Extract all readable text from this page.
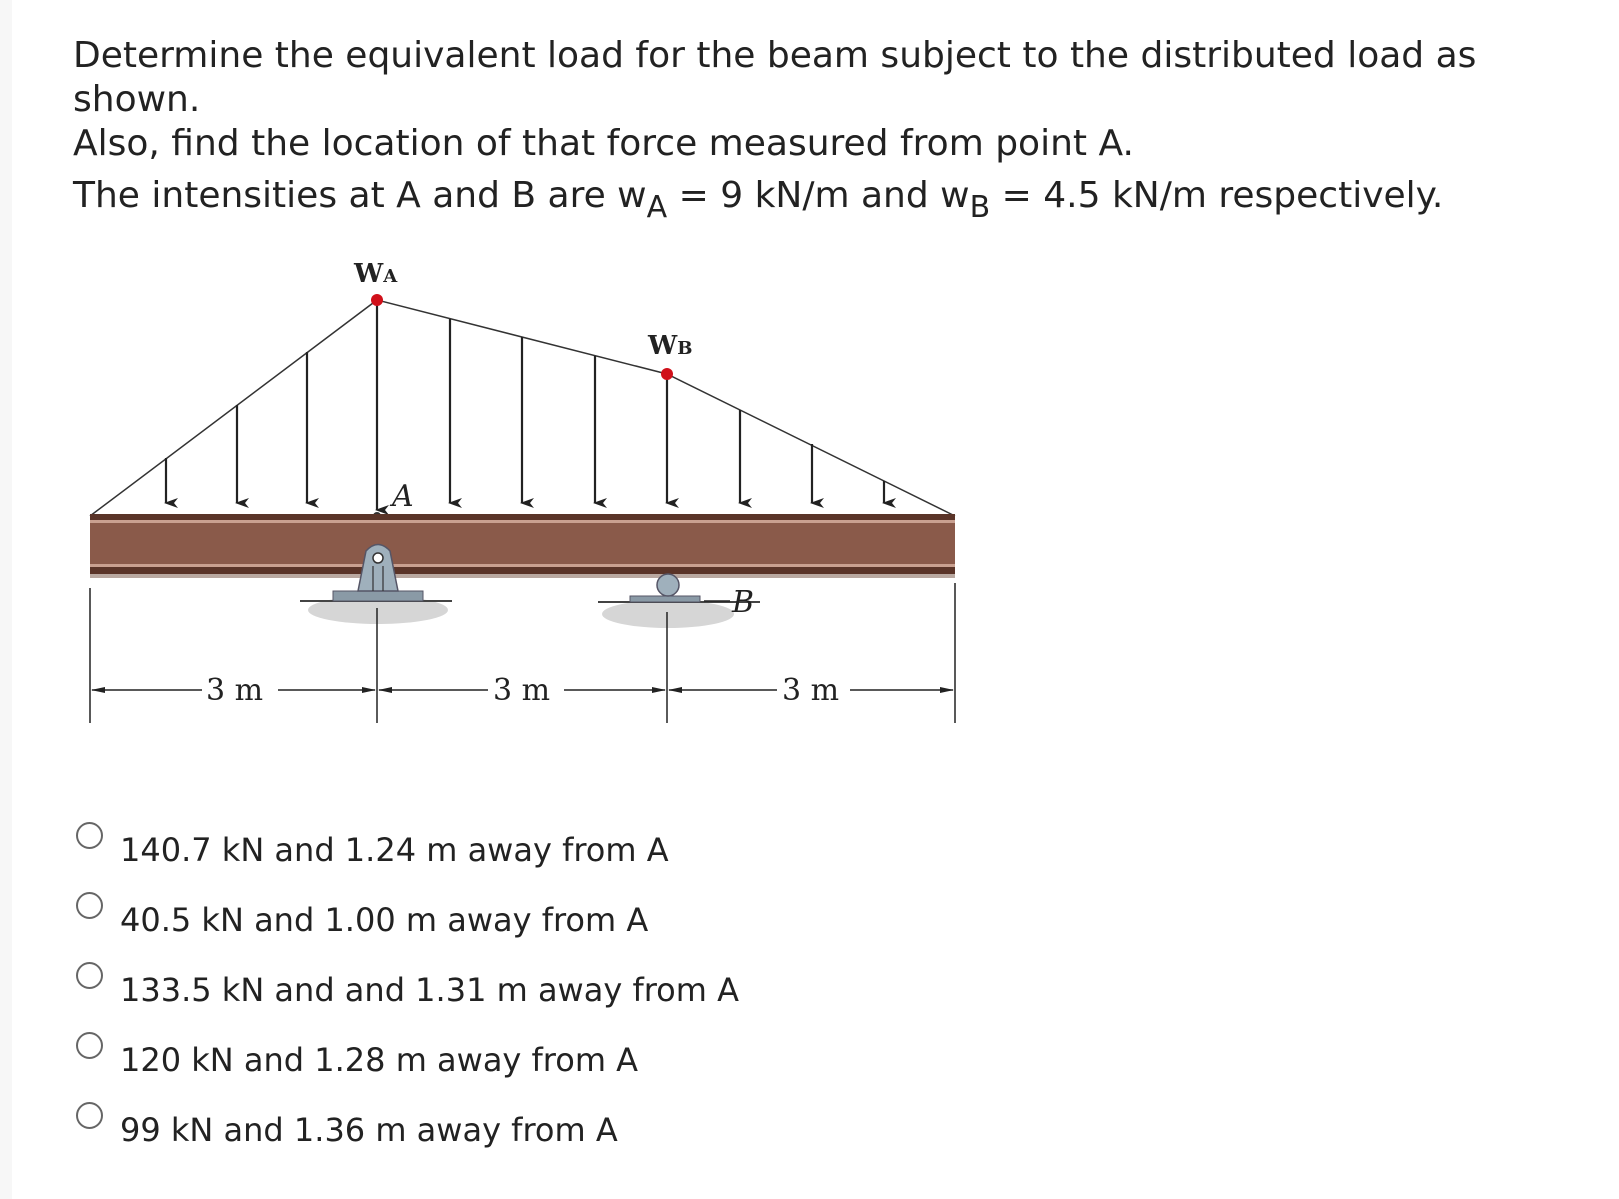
Determine the equivalent load for the beam subject to the distributed load as shown.

Also, find the location of that force measured from point A.

The intensities at A and B are $w_A = 9$ kN/m and $w_B = 4.5$ kN/m respectively.

WA
WB
A
B
3 m	3 m	3 m
140.7 kN and 1.24 m away from A
40.5 kN and 1.00 m away from A
133.5 kN and and 1.31 m away from A
120 kN and 1.28 m away from A
99 kN and 1.36 m away from A
